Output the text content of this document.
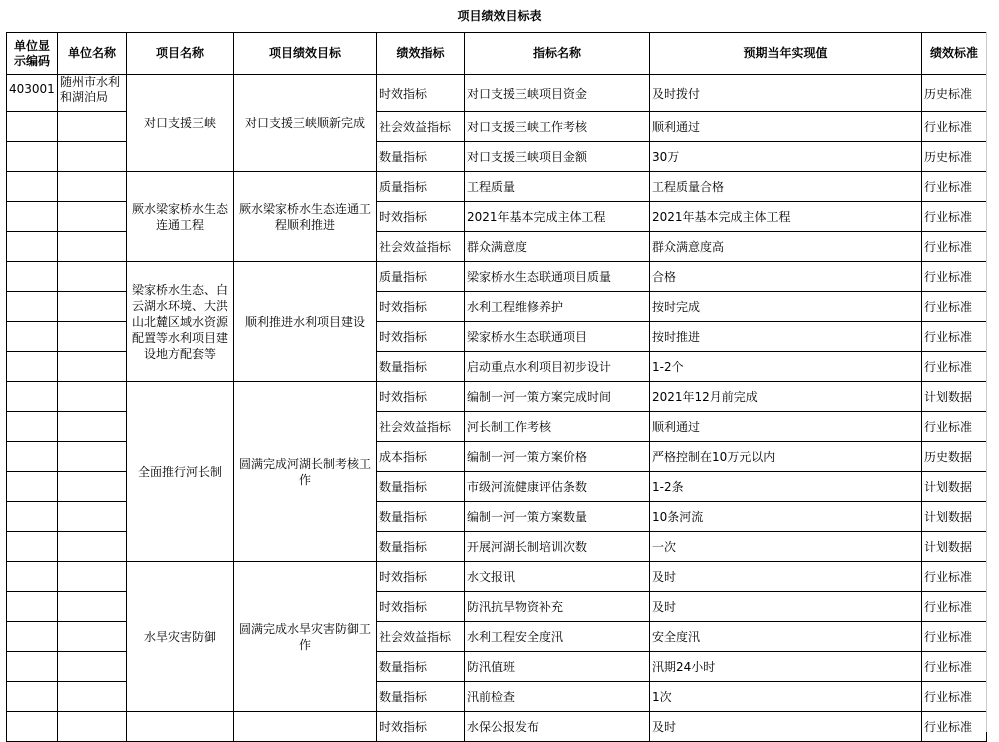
项目绩效目标表
单位显示编码	单位名称	项目名称	项目绩效目标	绩效指标	指标名称	预期当年实现值	绩效标准
403001	随州市水利和湖泊局	对口支援三峡	对口支援三峡顺新完成	时效指标	对口支援三峡项目资金	及时拨付	历史标准
				社会效益指标	对口支援三峡工作考核	顺利通过	行业标准
				数量指标	对口支援三峡项目金额	30万	历史标准
		厥水梁家桥水生态连通工程	厥水梁家桥水生态连通工程顺利推进	质量指标	工程质量	工程质量合格	行业标准
				时效指标	2021年基本完成主体工程	2021年基本完成主体工程	行业标准
				社会效益指标	群众满意度	群众满意度高	行业标准
		梁家桥水生态、白云湖水环境、大洪山北麓区域水资源配置等水利项目建设地方配套等	顺利推进水利项目建设	质量指标	梁家桥水生态联通项目质量	合格	行业标准
				时效指标	水利工程维修养护	按时完成	行业标准
				时效指标	梁家桥水生态联通项目	按时推进	行业标准
				数量指标	启动重点水利项目初步设计	1-2个	行业标准
		全面推行河长制	圆满完成河湖长制考核工作	时效指标	编制一河一策方案完成时间	2021年12月前完成	计划数据
				社会效益指标	河长制工作考核	顺利通过	行业标准
				成本指标	编制一河一策方案价格	严格控制在10万元以内	历史数据
				数量指标	市级河流健康评估条数	1-2条	计划数据
				数量指标	编制一河一策方案数量	10条河流	计划数据
				数量指标	开展河湖长制培训次数	一次	计划数据
		水旱灾害防御	圆满完成水旱灾害防御工作	时效指标	水文报讯	及时	行业标准
				时效指标	防汛抗旱物资补充	及时	行业标准
				社会效益指标	水利工程安全度汛	安全度汛	行业标准
				数量指标	防汛值班	汛期24小时	行业标准
				数量指标	汛前检查	1次	行业标准
				时效指标	水保公报发布	及时	行业标准
